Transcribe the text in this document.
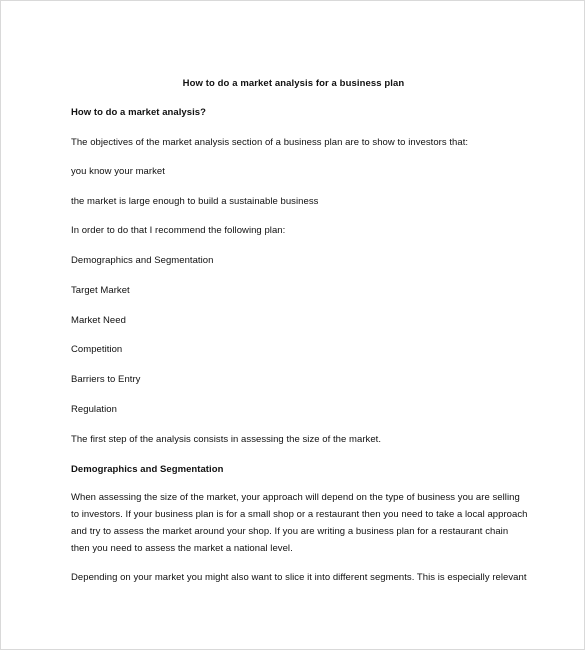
How to do a market analysis for a business plan
How to do a market analysis?
The objectives of the market analysis section of a business plan are to show to investors that:
you know your market
the market is large enough to build a sustainable business
In order to do that I recommend the following plan:
Demographics and Segmentation
Target Market
Market Need
Competition
Barriers to Entry
Regulation
The first step of the analysis consists in assessing the size of the market.
Demographics and Segmentation
When assessing the size of the market, your approach will depend on the type of business you are selling
to investors. If your business plan is for a small shop or a restaurant then you need to take a local approach
and try to assess the market around your shop. If you are writing a business plan for a restaurant chain
then you need to assess the market a national level.
Depending on your market you might also want to slice it into different segments. This is especially relevant
